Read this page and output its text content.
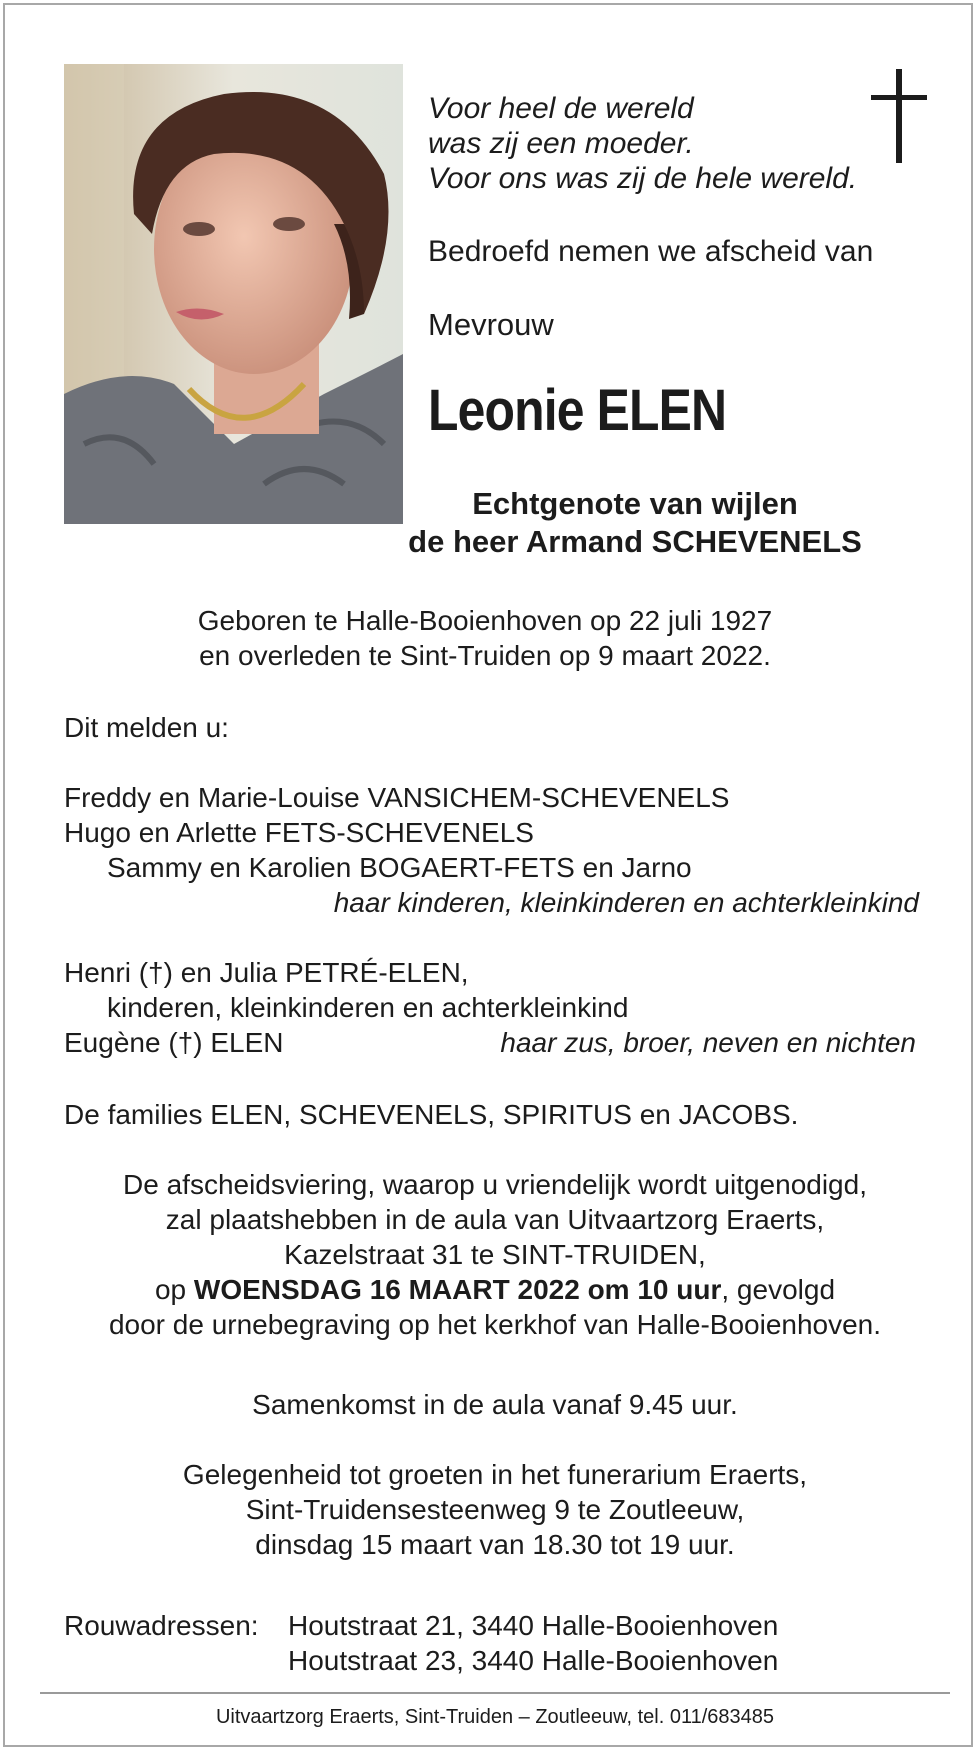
Voor heel de wereld
was zij een moeder.
Voor ons was zij de hele wereld.
Bedroefd nemen we afscheid van
Mevrouw
Leonie ELEN
Echtgenote van wijlen
de heer Armand SCHEVENELS
Geboren te Halle-Booienhoven op 22 juli 1927
en overleden te Sint-Truiden op 9 maart 2022.
Dit melden u:
Freddy en Marie-Louise VANSICHEM-SCHEVENELS
Hugo en Arlette FETS-SCHEVENELS
Sammy en Karolien BOGAERT-FETS en Jarno
haar kinderen, kleinkinderen en achterkleinkind
Henri (†) en Julia PETRÉ-ELEN,
kinderen, kleinkinderen en achterkleinkind
Eugène (†) ELEN	haar zus, broer, neven en nichten
De families ELEN, SCHEVENELS, SPIRITUS en JACOBS.
De afscheidsviering, waarop u vriendelijk wordt uitgenodigd,
zal plaatshebben in de aula van Uitvaartzorg Eraerts,
Kazelstraat 31 te SINT-TRUIDEN,
op WOENSDAG 16 MAART 2022 om 10 uur, gevolgd
door de urnebegraving op het kerkhof van Halle-Booienhoven.
Samenkomst in de aula vanaf 9.45 uur.
Gelegenheid tot groeten in het funerarium Eraerts,
Sint-Truidensesteenweg 9 te Zoutleeuw,
dinsdag 15 maart van 18.30 tot 19 uur.
Rouwadressen: Houtstraat 21, 3440 Halle-Booienhoven
Houtstraat 23, 3440 Halle-Booienhoven
Uitvaartzorg Eraerts, Sint-Truiden – Zoutleeuw, tel. 011/683485
